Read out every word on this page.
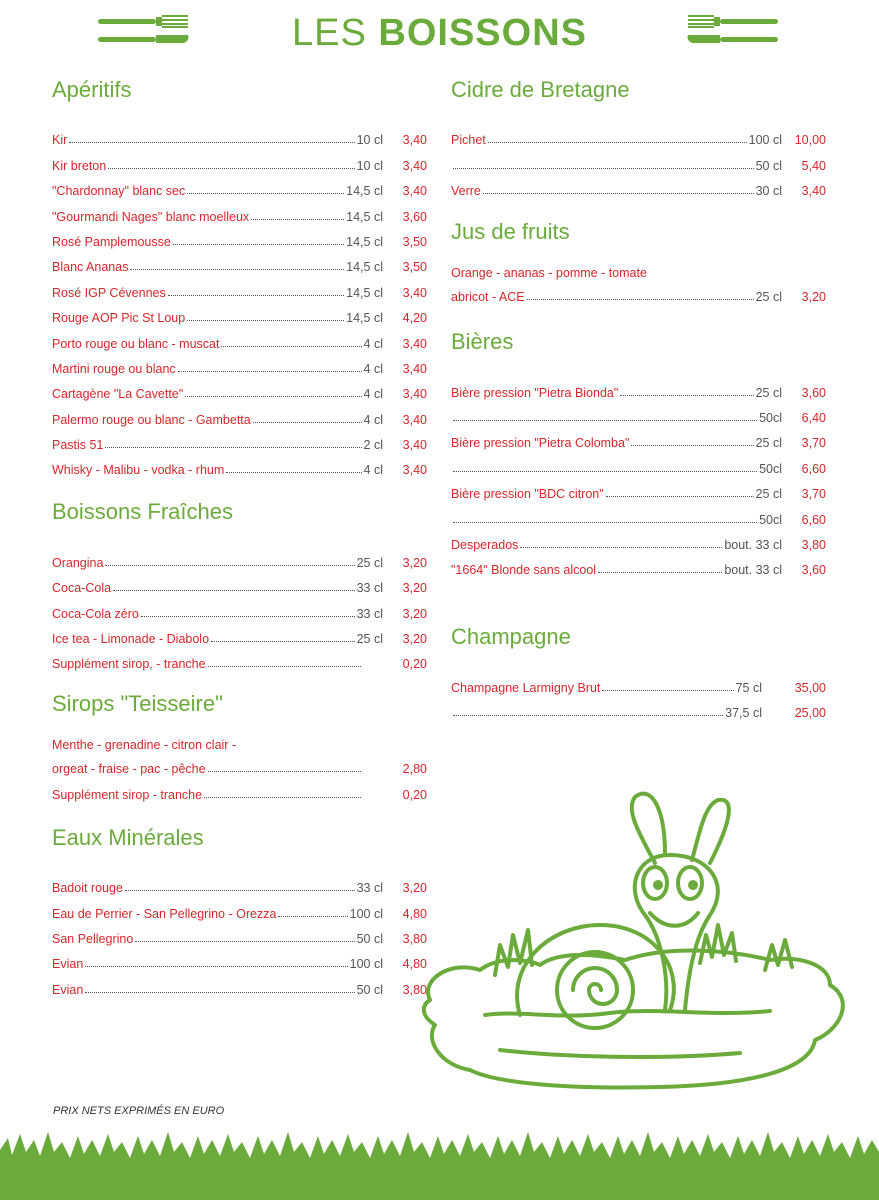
LES BOISSONS
Apéritifs
Kir	10 cl	3,40
Kir breton	10 cl	3,40
"Chardonnay" blanc sec	14,5 cl	3,40
"Gourmandi Nages" blanc moelleux	14,5 cl	3,60
Rosé Pamplemousse	14,5 cl	3,50
Blanc Ananas	14,5 cl	3,50
Rosé IGP Cévennes	14,5 cl	3,40
Rouge AOP Pic St Loup	14,5 cl	4,20
Porto rouge ou blanc - muscat	4 cl	3,40
Martini rouge ou blanc	4 cl	3,40
Cartagène "La Cavette"	4 cl	3,40
Palermo rouge ou blanc - Gambetta	4 cl	3,40
Pastis 51	2 cl	3,40
Whisky - Malibu - vodka - rhum	4 cl	3,40
Boissons Fraîches
Orangina	25 cl	3,20
Coca-Cola	33 cl	3,20
Coca-Cola zéro	33 cl	3,20
Ice tea - Limonade - Diabolo	25 cl	3,20
Supplément sirop, - tranche	0,20
Sirops "Teisseire"
Menthe - grenadine - citron clair -
orgeat - fraise - pac - pêche	2,80
Supplément sirop - tranche	0,20
Eaux Minérales
Badoit rouge	33 cl	3,20
Eau de Perrier - San Pellegrino - Orezza	100 cl	4,80
San Pellegrino	50 cl	3,80
Evian	100 cl	4,80
Evian	50 cl	3,80
Cidre de Bretagne
Pichet	100 cl	10,00
50 cl	5,40
Verre	30 cl	3,40
Jus de fruits
Orange - ananas - pomme - tomate
abricot - ACE	25 cl	3,20
Bières
Bière pression "Pietra Bionda"	25 cl	3,60
50cl	6,40
Bière pression "Pietra Colomba"	25 cl	3,70
50cl	6,60
Bière pression "BDC citron"	25 cl	3,70
50cl	6,60
Desperados	bout. 33 cl	3,80
"1664" Blonde sans alcool	bout. 33 cl	3,60
Champagne
Champagne Larmigny Brut	75 cl	35,00
37,5 cl	25,00
PRIX NETS EXPRIMÉS EN EURO
